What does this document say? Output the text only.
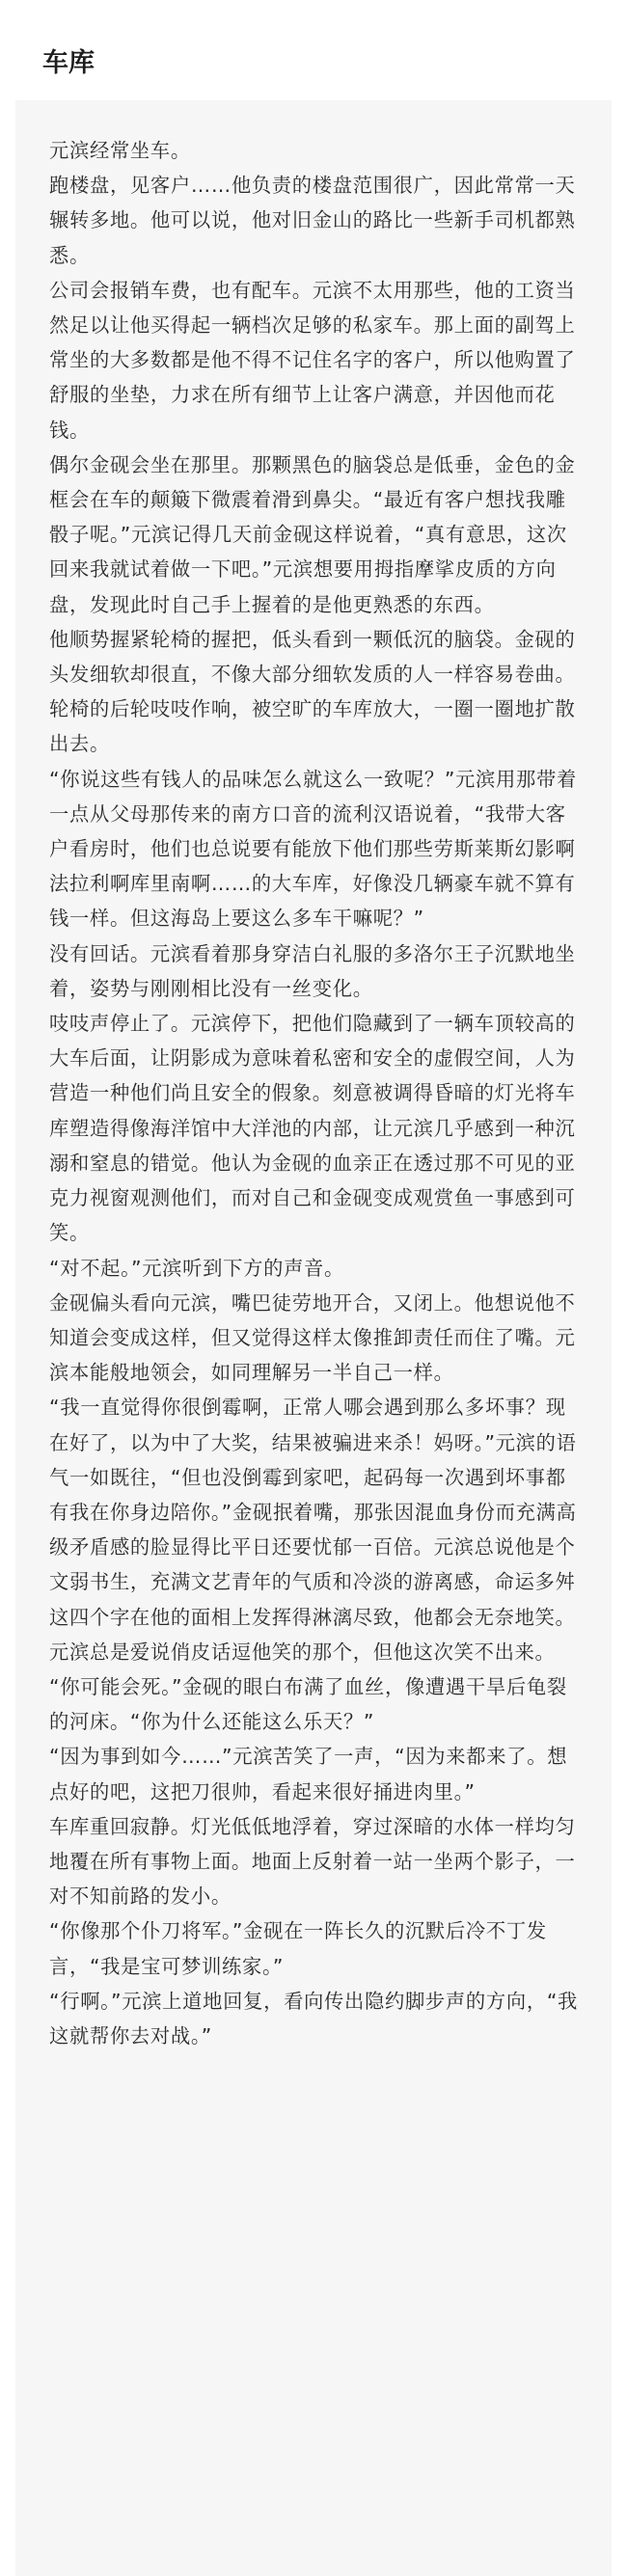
车库

元滨经常坐车。

跑楼盘，见客户……他负责的楼盘范围很广，因此常常一天辗转多地。他可以说，他对旧金山的路比一些新手司机都熟悉。

公司会报销车费，也有配车。元滨不太用那些，他的工资当然足以让他买得起一辆档次足够的私家车。那上面的副驾上常坐的大多数都是他不得不记住名字的客户，所以他购置了舒服的坐垫，力求在所有细节上让客户满意，并因他而花钱。

偶尔金砚会坐在那里。那颗黑色的脑袋总是低垂，金色的金框会在车的颠簸下微震着滑到鼻尖。“最近有客户想找我雕骰子呢。”元滨记得几天前金砚这样说着，“真有意思，这次回来我就试着做一下吧。”元滨想要用拇指摩挲皮质的方向盘，发现此时自己手上握着的是他更熟悉的东西。

他顺势握紧轮椅的握把，低头看到一颗低沉的脑袋。金砚的头发细软却很直，不像大部分细软发质的人一样容易卷曲。轮椅的后轮吱吱作响，被空旷的车库放大，一圈一圈地扩散出去。

“你说这些有钱人的品味怎么就这么一致呢？”元滨用那带着一点从父母那传来的南方口音的流利汉语说着，“我带大客户看房时，他们也总说要有能放下他们那些劳斯莱斯幻影啊法拉利啊库里南啊……的大车库，好像没几辆豪车就不算有钱一样。但这海岛上要这么多车干嘛呢？”

没有回话。元滨看着那身穿洁白礼服的多洛尔王子沉默地坐着，姿势与刚刚相比没有一丝变化。

吱吱声停止了。元滨停下，把他们隐藏到了一辆车顶较高的大车后面，让阴影成为意味着私密和安全的虚假空间，人为营造一种他们尚且安全的假象。刻意被调得昏暗的灯光将车库塑造得像海洋馆中大洋池的内部，让元滨几乎感到一种沉溺和窒息的错觉。他认为金砚的血亲正在透过那不可见的亚克力视窗观测他们，而对自己和金砚变成观赏鱼一事感到可笑。

“对不起。”元滨听到下方的声音。

金砚偏头看向元滨，嘴巴徒劳地开合，又闭上。他想说他不知道会变成这样，但又觉得这样太像推卸责任而住了嘴。元滨本能般地领会，如同理解另一半自己一样。

“我一直觉得你很倒霉啊，正常人哪会遇到那么多坏事？现在好了，以为中了大奖，结果被骗进来杀！妈呀。”元滨的语气一如既往，“但也没倒霉到家吧，起码每一次遇到坏事都有我在你身边陪你。”金砚抿着嘴，那张因混血身份而充满高级矛盾感的脸显得比平日还要忧郁一百倍。元滨总说他是个文弱书生，充满文艺青年的气质和冷淡的游离感，命运多舛这四个字在他的面相上发挥得淋漓尽致，他都会无奈地笑。元滨总是爱说俏皮话逗他笑的那个，但他这次笑不出来。

“你可能会死。”金砚的眼白布满了血丝，像遭遇干旱后龟裂的河床。“你为什么还能这么乐天？”

“因为事到如今……”元滨苦笑了一声，“因为来都来了。想点好的吧，这把刀很帅，看起来很好捅进肉里。”

车库重回寂静。灯光低低地浮着，穿过深暗的水体一样均匀地覆在所有事物上面。地面上反射着一站一坐两个影子，一对不知前路的发小。

“你像那个仆刀将军。”金砚在一阵长久的沉默后冷不丁发言，“我是宝可梦训练家。”

“行啊。”元滨上道地回复，看向传出隐约脚步声的方向，“我这就帮你去对战。”
